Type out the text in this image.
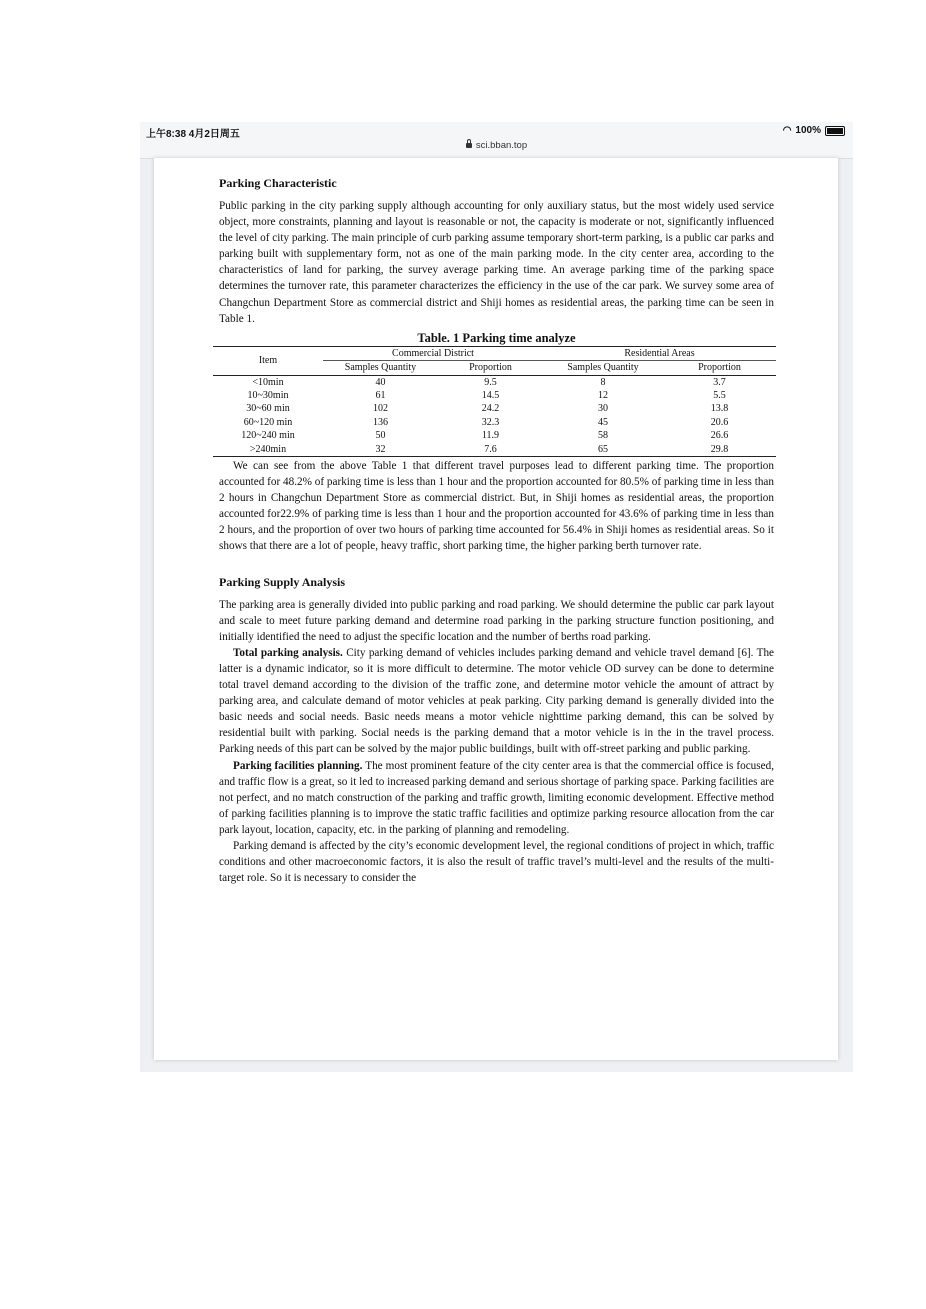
上午8:38 4月2日周五	◠ 100%
sci.bban.top
Parking Characteristic

Public parking in the city parking supply although accounting for only auxiliary status, but the most widely used service object, more constraints, planning and layout is reasonable or not, the capacity is moderate or not, significantly influenced the level of city parking. The main principle of curb parking assume temporary short-term parking, is a public car parks and parking built with supplementary form, not as one of the main parking mode. In the city center area, according to the characteristics of land for parking, the survey average parking time. An average parking time of the parking space determines the turnover rate, this parameter characterizes the efficiency in the use of the car park. We survey some area of Changchun Department Store as commercial district and Shiji homes as residential areas, the parking time can be seen in Table 1.

Table. 1 Parking time analyze
Item	Commercial District		Residential Areas	
	Samples Quantity	Proportion	Samples Quantity	Proportion
<10min	40	9.5	8	3.7
10~30min	61	14.5	12	5.5
30~60 min	102	24.2	30	13.8
60~120 min	136	32.3	45	20.6
120~240 min	50	11.9	58	26.6
>240min	32	7.6	65	29.8

We can see from the above Table 1 that different travel purposes lead to different parking time. The proportion accounted for 48.2% of parking time is less than 1 hour and the proportion accounted for 80.5% of parking time in less than 2 hours in Changchun Department Store as commercial district. But, in Shiji homes as residential areas, the proportion accounted for22.9% of parking time is less than 1 hour and the proportion accounted for 43.6% of parking time in less than 2 hours, and the proportion of over two hours of parking time accounted for 56.4% in Shiji homes as residential areas. So it shows that there are a lot of people, heavy traffic, short parking time, the higher parking berth turnover rate.

Parking Supply Analysis

The parking area is generally divided into public parking and road parking. We should determine the public car park layout and scale to meet future parking demand and determine road parking in the parking structure function positioning, and initially identified the need to adjust the specific location and the number of berths road parking.

Total parking analysis. City parking demand of vehicles includes parking demand and vehicle travel demand [6]. The latter is a dynamic indicator, so it is more difficult to determine. The motor vehicle OD survey can be done to determine total travel demand according to the division of the traffic zone, and determine motor vehicle the amount of attract by parking area, and calculate demand of motor vehicles at peak parking. City parking demand is generally divided into the basic needs and social needs. Basic needs means a motor vehicle nighttime parking demand, this can be solved by residential built with parking. Social needs is the parking demand that a motor vehicle is in the in the travel process. Parking needs of this part can be solved by the major public buildings, built with off-street parking and public parking.

Parking facilities planning. The most prominent feature of the city center area is that the commercial office is focused, and traffic flow is a great, so it led to increased parking demand and serious shortage of parking space. Parking facilities are not perfect, and no match construction of the parking and traffic growth, limiting economic development. Effective method of parking facilities planning is to improve the static traffic facilities and optimize parking resource allocation from the car park layout, location, capacity, etc. in the parking of planning and remodeling.

Parking demand is affected by the city’s economic development level, the regional conditions of project in which, traffic conditions and other macroeconomic factors, it is also the result of traffic travel’s multi-level and the results of the multi-target role. So it is necessary to consider the
